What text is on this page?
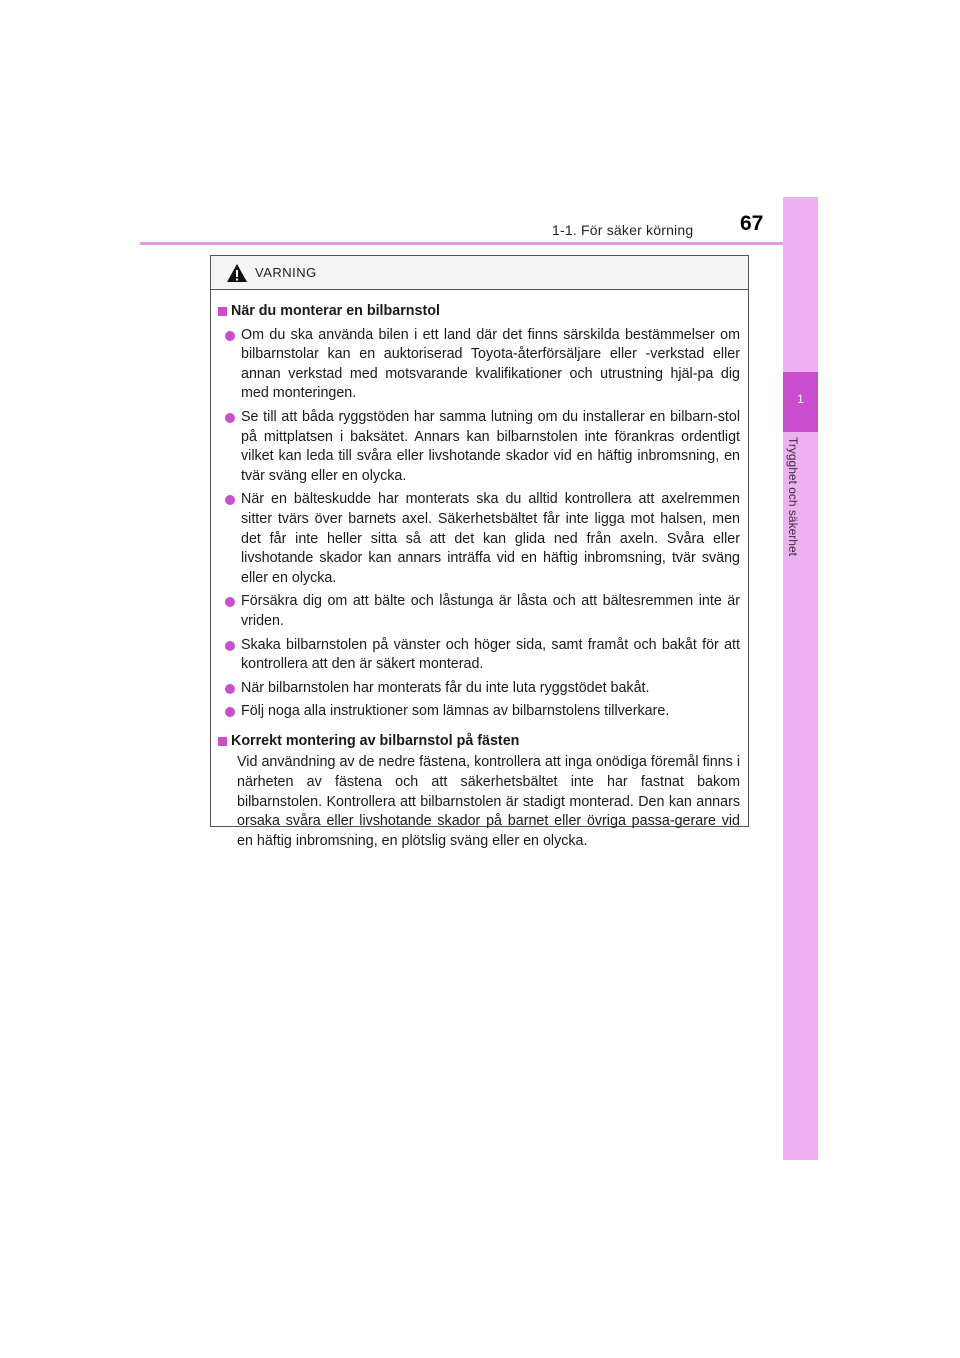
1-1. För säker körning 67
1
Trygghet och säkerhet
VARNING
När du monterar en bilbarnstol
Om du ska använda bilen i ett land där det finns särskilda bestämmelser om bilbarnstolar kan en auktoriserad Toyota-återförsäljare eller -verkstad eller annan verkstad med motsvarande kvalifikationer och utrustning hjäl-pa dig med monteringen.
Se till att båda ryggstöden har samma lutning om du installerar en bilbarn-stol på mittplatsen i baksätet. Annars kan bilbarnstolen inte förankras ordentligt vilket kan leda till svåra eller livshotande skador vid en häftig inbromsning, en tvär sväng eller en olycka.
När en bälteskudde har monterats ska du alltid kontrollera att axelremmen sitter tvärs över barnets axel. Säkerhetsbältet får inte ligga mot halsen, men det får inte heller sitta så att det kan glida ned från axeln. Svåra eller livshotande skador kan annars inträffa vid en häftig inbromsning, tvär sväng eller en olycka.
Försäkra dig om att bälte och låstunga är låsta och att bältesremmen inte är vriden.
Skaka bilbarnstolen på vänster och höger sida, samt framåt och bakåt för att kontrollera att den är säkert monterad.
När bilbarnstolen har monterats får du inte luta ryggstödet bakåt.
Följ noga alla instruktioner som lämnas av bilbarnstolens tillverkare.
Korrekt montering av bilbarnstol på fästen
Vid användning av de nedre fästena, kontrollera att inga onödiga föremål finns i närheten av fästena och att säkerhetsbältet inte har fastnat bakom bilbarnstolen. Kontrollera att bilbarnstolen är stadigt monterad. Den kan annars orsaka svåra eller livshotande skador på barnet eller övriga passa-gerare vid en häftig inbromsning, en plötslig sväng eller en olycka.
